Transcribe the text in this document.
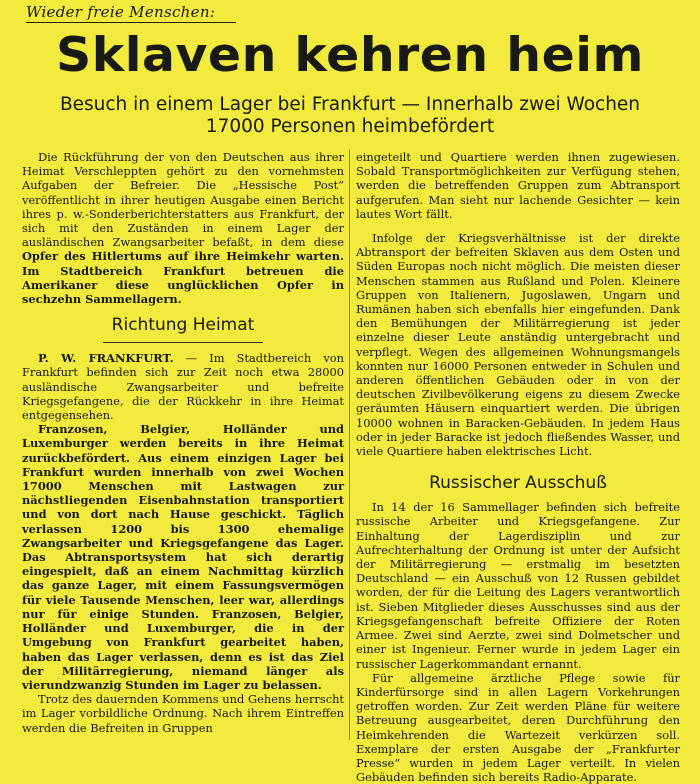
Wieder freie Menschen:
Sklaven kehren heim
Besuch in einem Lager bei Frankfurt — Innerhalb zwei Wochen
17000 Personen heimbefördert

Die Rückführung der von den Deutschen aus ihrer Heimat Verschleppten gehört zu den vornehmsten Aufgaben der Befreier. Die „Hessische Post“ veröffentlicht in ihrer heutigen Ausgabe einen Bericht ihres p. w.-Sonderberichterstatters aus Frankfurt, der sich mit den Zuständen in einem Lager der ausländischen Zwangsarbeiter befaßt, in dem diese Opfer des Hitlertums auf ihre Heimkehr warten. Im Stadtbereich Frankfurt betreuen die Amerikaner diese unglücklichen Opfer in sechzehn Sammellagern.

Richtung Heimat

P. W. FRANKFURT. — Im Stadtbereich von Frankfurt befinden sich zur Zeit noch etwa 28000 ausländische Zwangsarbeiter und befreite Kriegsgefangene, die der Rückkehr in ihre Heimat entgegensehen.

Franzosen, Belgier, Holländer und Luxemburger werden bereits in ihre Heimat zurückbefördert. Aus einem einzigen Lager bei Frankfurt wurden innerhalb von zwei Wochen 17000 Menschen mit Lastwagen zur nächstliegenden Eisenbahnstation transportiert und von dort nach Hause geschickt. Täglich verlassen 1200 bis 1300 ehemalige Zwangsarbeiter und Kriegsgefangene das Lager. Das Abtransportsystem hat sich derartig eingespielt, daß an einem Nachmittag kürzlich das ganze Lager, mit einem Fassungsvermögen für viele Tausende Menschen, leer war, allerdings nur für einige Stunden. Franzosen, Belgier, Holländer und Luxemburger, die in der Umgebung von Frankfurt gearbeitet haben, haben das Lager verlassen, denn es ist das Ziel der Militärregierung, niemand länger als vierundzwanzig Stunden im Lager zu belassen.

Trotz des dauernden Kommens und Gehens herrscht im Lager vorbildliche Ordnung. Nach ihrem Eintreffen werden die Befreiten in Gruppen

eingeteilt und Quartiere werden ihnen zugewiesen. Sobald Transportmöglichkeiten zur Verfügung stehen, werden die betreffenden Gruppen zum Abtransport aufgerufen. Man sieht nur lachende Gesichter — kein lautes Wort fällt.

Infolge der Kriegsverhältnisse ist der direkte Abtransport der befreiten Sklaven aus dem Osten und Süden Europas noch nicht möglich. Die meisten dieser Menschen stammen aus Rußland und Polen. Kleinere Gruppen von Italienern, Jugoslawen, Ungarn und Rumänen haben sich ebenfalls hier eingefunden. Dank den Bemühungen der Militärregierung ist jeder einzelne dieser Leute anständig untergebracht und verpflegt. Wegen des allgemeinen Wohnungsmangels konnten nur 16000 Personen entweder in Schulen und anderen öffentlichen Gebäuden oder in von der deutschen Zivilbevölkerung eigens zu diesem Zwecke geräumten Häusern einquartiert werden. Die übrigen 10000 wohnen in Baracken-Gebäuden. In jedem Haus oder in jeder Baracke ist jedoch fließendes Wasser, und viele Quartiere haben elektrisches Licht.

Russischer Ausschuß

In 14 der 16 Sammellager befinden sich befreite russische Arbeiter und Kriegsgefangene. Zur Einhaltung der Lagerdisziplin und zur Aufrechterhaltung der Ordnung ist unter der Aufsicht der Militärregierung — erstmalig im besetzten Deutschland — ein Ausschuß von 12 Russen gebildet worden, der für die Leitung des Lagers verantwortlich ist. Sieben Mitglieder dieses Ausschusses sind aus der Kriegsgefangenschaft befreite Offiziere der Roten Armee. Zwei sind Aerzte, zwei sind Dolmetscher und einer ist Ingenieur. Ferner wurde in jedem Lager ein russischer Lagerkommandant ernannt.

Für allgemeine ärztliche Pflege sowie für Kinderfürsorge sind in allen Lagern Vorkehrungen getroffen worden. Zur Zeit werden Pläne für weitere Betreuung ausgearbeitet, deren Durchführung den Heimkehrenden die Wartezeit verkürzen soll. Exemplare der ersten Ausgabe der „Frankfurter Presse“ wurden in jedem Lager verteilt. In vielen Gebäuden befinden sich bereits Radio-Apparate.
